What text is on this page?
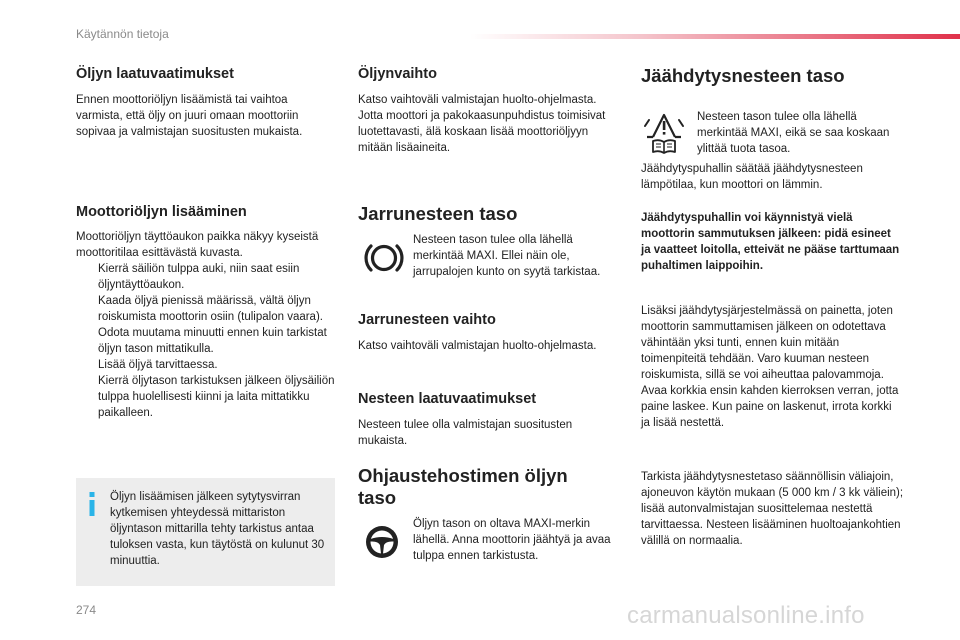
Käytännön tietoja
Öljyn laatuvaatimukset

Ennen moottoriöljyn lisäämistä tai vaihtoa varmista, että öljy on juuri omaan moottoriin sopivaa ja valmistajan suositusten mukaista.

Moottoriöljyn lisääminen

Moottoriöljyn täyttöaukon paikka näkyy kyseistä moottoritilaa esittävästä kuvasta.

Kierrä säiliön tulppa auki, niin saat esiin öljyntäyttöaukon.
Kaada öljyä pienissä määrissä, vältä öljyn roiskumista moottorin osiin (tulipalon vaara).
Odota muutama minuutti ennen kuin tarkistat öljyn tason mittatikulla.
Lisää öljyä tarvittaessa.
Kierrä öljytason tarkistuksen jälkeen öljysäiliön tulppa huolellisesti kiinni ja laita mittatikku paikalleen.

Öljyn lisäämisen jälkeen sytytysvirran kytkemisen yhteydessä mittariston öljyntason mittarilla tehty tarkistus antaa tuloksen vasta, kun täytöstä on kulunut 30 minuuttia.

Öljynvaihto

Katso vaihtoväli valmistajan huolto-ohjelmasta. Jotta moottori ja pakokaasunpuhdistus toimisivat luotettavasti, älä koskaan lisää moottoriöljyyn mitään lisäaineita.

Jarrunesteen taso

Nesteen tason tulee olla lähellä merkintää MAXI. Ellei näin ole, jarrupalojen kunto on syytä tarkistaa.

Jarrunesteen vaihto

Katso vaihtoväli valmistajan huolto-ohjelmasta.

Nesteen laatuvaatimukset

Nesteen tulee olla valmistajan suositusten mukaista.

Ohjaustehostimen öljyn taso

Öljyn tason on oltava MAXI-merkin lähellä. Anna moottorin jäähtyä ja avaa tulppa ennen tarkistusta.

Jäähdytysnesteen taso

Nesteen tason tulee olla lähellä merkintää MAXI, eikä se saa koskaan ylittää tuota tasoa.

Jäähdytyspuhallin säätää jäähdytysnesteen lämpötilaa, kun moottori on lämmin.

Jäähdytyspuhallin voi käynnistyä vielä moottorin sammutuksen jälkeen: pidä esineet ja vaatteet loitolla, etteivät ne pääse tarttumaan puhaltimen laippoihin.

Lisäksi jäähdytysjärjestelmässä on painetta, joten moottorin sammuttamisen jälkeen on odotettava vähintään yksi tunti, ennen kuin mitään toimenpiteitä tehdään. Varo kuuman nesteen roiskumista, sillä se voi aiheuttaa palovammoja. Avaa korkkia ensin kahden kierroksen verran, jotta paine laskee. Kun paine on laskenut, irrota korkki ja lisää nestettä.

Tarkista jäähdytysnestetaso säännöllisin väliajoin, ajoneuvon käytön mukaan (5 000 km / 3 kk väliein); lisää autonvalmistajan suosittelemaa nestettä tarvittaessa. Nesteen lisääminen huoltoajankohtien välillä on normaalia.

274	carmanualsonline.info
